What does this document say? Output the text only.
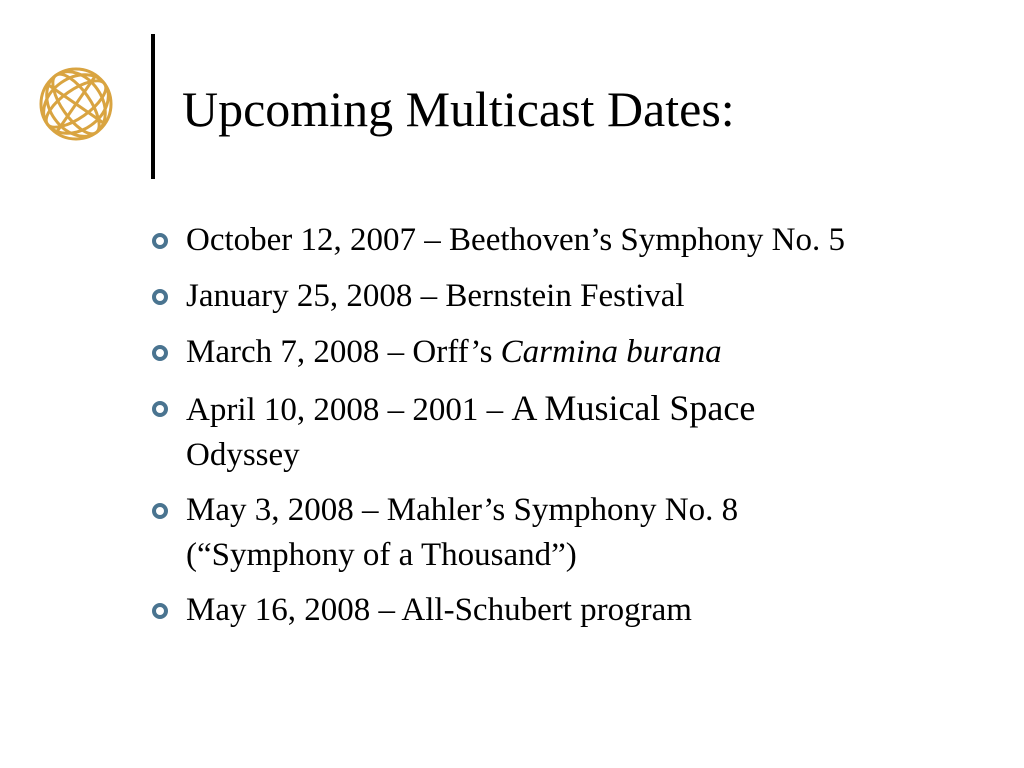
Upcoming Multicast Dates:
October 12, 2007 – Beethoven’s Symphony No. 5
January 25, 2008 – Bernstein Festival
March 7, 2008 – Orff’s Carmina burana
April 10, 2008 – 2001 – A Musical Space
Odyssey
May 3, 2008 – Mahler’s Symphony No. 8
(“Symphony of a Thousand”)
May 16, 2008 – All-Schubert program
